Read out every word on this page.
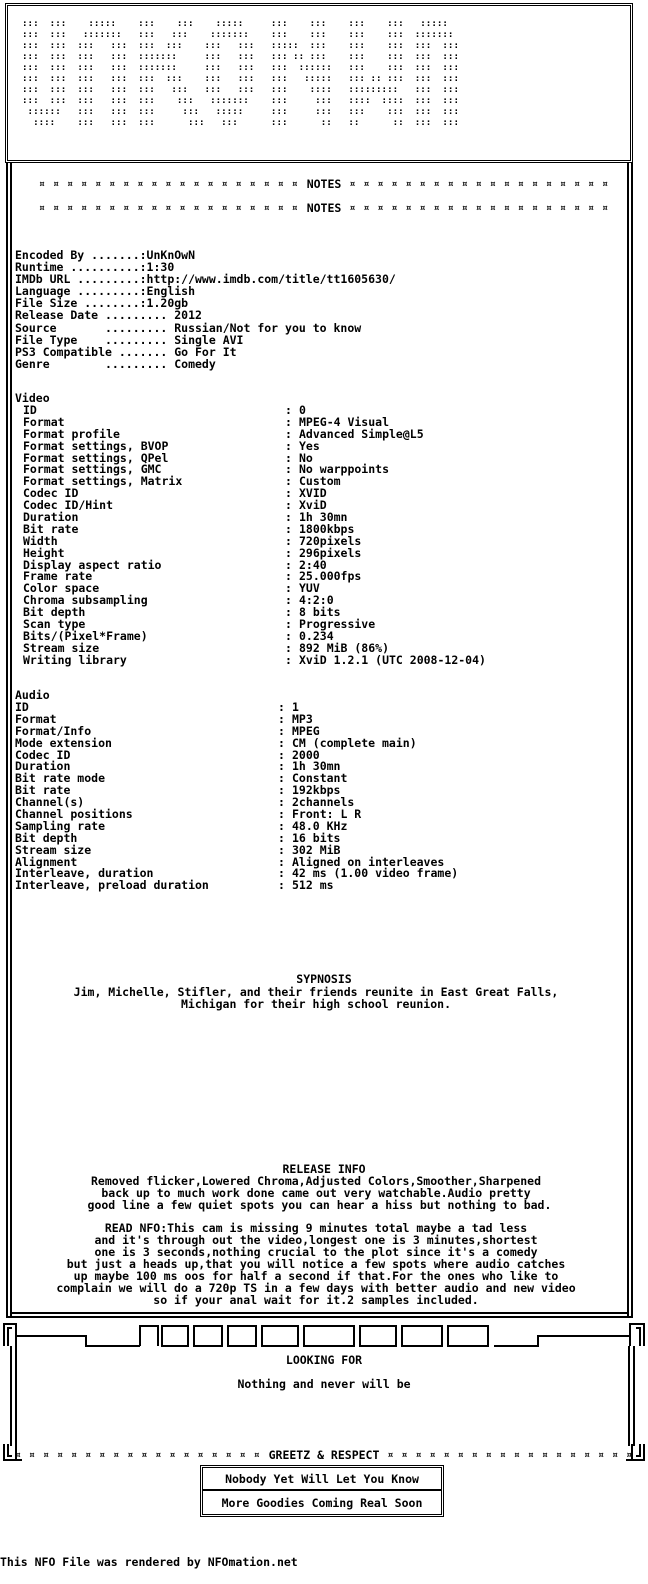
:::  :::    :::::    :::    :::    :::::     :::    :::    :::    :::   :::::
:::  :::   :::::::   :::   :::    :::::::    :::    :::    :::    :::  :::::::
:::  :::  :::   :::  :::  :::    :::   :::   :::::  :::    :::    :::  :::  :::
:::  :::  :::   :::  :::::::     :::   :::   ::: :: :::    :::    :::  :::  :::
:::  :::  :::   :::  :::::::     :::   :::   :::  ::::::   :::    :::  :::  :::
:::  :::  :::   :::  :::  :::    :::   :::   :::   :::::   ::: :: :::  :::  :::
:::  :::  :::   :::  :::   :::   :::   :::   :::    ::::   :::::::::   :::  :::
:::  :::  :::   :::  :::    :::   :::::::    :::     :::   ::::  ::::  :::  :::
::::::   :::   :::  :::     :::   :::::     :::     :::   :::    :::  :::  :::
::::    :::   :::  :::      :::   :::      :::      ::   ::      ::  :::  :::
¤ ¤ ¤ ¤ ¤ ¤ ¤ ¤ ¤ ¤ ¤ ¤ ¤ ¤ ¤ ¤ ¤ ¤ ¤ NOTES ¤ ¤ ¤ ¤ ¤ ¤ ¤ ¤ ¤ ¤ ¤ ¤ ¤ ¤ ¤ ¤ ¤ ¤ ¤
¤ ¤ ¤ ¤ ¤ ¤ ¤ ¤ ¤ ¤ ¤ ¤ ¤ ¤ ¤ ¤ ¤ ¤ ¤ NOTES ¤ ¤ ¤ ¤ ¤ ¤ ¤ ¤ ¤ ¤ ¤ ¤ ¤ ¤ ¤ ¤ ¤ ¤ ¤
Encoded By .......:UnKnOwN
Runtime ..........:1:30
IMDb URL .........:http://www.imdb.com/title/tt1605630/
Language .........:English
File Size ........:1.20gb
Release Date ......... 2012
Source       ......... Russian/Not for you to know
File Type    ......... Single AVI
PS3 Compatible ....... Go For It
Genre        ......... Comedy
Video
ID	: 0
Format	: MPEG-4 Visual
Format profile	: Advanced Simple@L5
Format settings, BVOP	: Yes
Format settings, QPel	: No
Format settings, GMC	: No warppoints
Format settings, Matrix	: Custom
Codec ID	: XVID
Codec ID/Hint	: XviD
Duration	: 1h 30mn
Bit rate	: 1800kbps
Width	: 720pixels
Height	: 296pixels
Display aspect ratio	: 2:40
Frame rate	: 25.000fps
Color space	: YUV
Chroma subsampling	: 4:2:0
Bit depth	: 8 bits
Scan type	: Progressive
Bits/(Pixel*Frame)	: 0.234
Stream size	: 892 MiB (86%)
Writing library	: XviD 1.2.1 (UTC 2008-12-04)
Audio
ID	: 1
Format	: MP3
Format/Info	: MPEG
Mode extension	: CM (complete main)
Codec ID	: 2000
Duration	: 1h 30mn
Bit rate mode	: Constant
Bit rate	: 192kbps
Channel(s)	: 2channels
Channel positions	: Front: L R
Sampling rate	: 48.0 KHz
Bit depth	: 16 bits
Stream size	: 302 MiB
Alignment	: Aligned on interleaves
Interleave, duration	: 42 ms (1.00 video frame)
Interleave, preload duration	: 512 ms
SYPNOSIS
Jim, Michelle, Stifler, and their friends reunite in East Great Falls,
Michigan for their high school reunion.
RELEASE INFO
Removed flicker,Lowered Chroma,Adjusted Colors,Smoother,Sharpened
back up to much work done came out very watchable.Audio pretty
good line a few quiet spots you can hear a hiss but nothing to bad.
READ NFO:This cam is missing 9 minutes total maybe a tad less
and it's through out the video,longest one is 3 minutes,shortest
one is 3 seconds,nothing crucial to the plot since it's a comedy
but just a heads up,that you will notice a few spots where audio catches
up maybe 100 ms oos for half a second if that.For the ones who like to
complain we will do a 720p TS in a few days with better audio and new video
so if your anal wait for it.2 samples included.
LOOKING FOR
Nothing and never will be
¤ ¤ ¤ ¤ ¤ ¤ ¤ ¤ ¤ ¤ ¤ ¤ ¤ ¤ ¤ ¤ ¤ ¤ GREETZ & RESPECT ¤ ¤ ¤ ¤ ¤ ¤ ¤ ¤ ¤ ¤ ¤ ¤ ¤ ¤ ¤ ¤ ¤ ¤
Nobody Yet Will Let You Know
More Goodies Coming Real Soon
This NFO File was rendered by NFOmation.net
